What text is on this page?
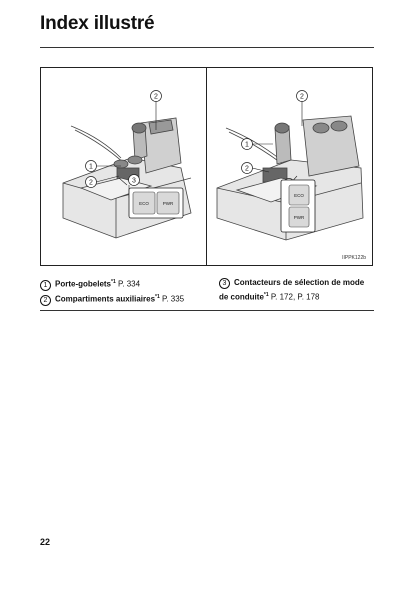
Index illustré
1
2
2
3
ECO	PWR
1
2
2
ECO
PWR
IIPPK122b
1 Porte-gobelets$^{*1}$ P. 334
2 Compartiments auxiliaires$^{*1}$ P. 335
3 Contacteurs de sélection de mode de conduite$^{*1}$ P. 172, P. 178
22
